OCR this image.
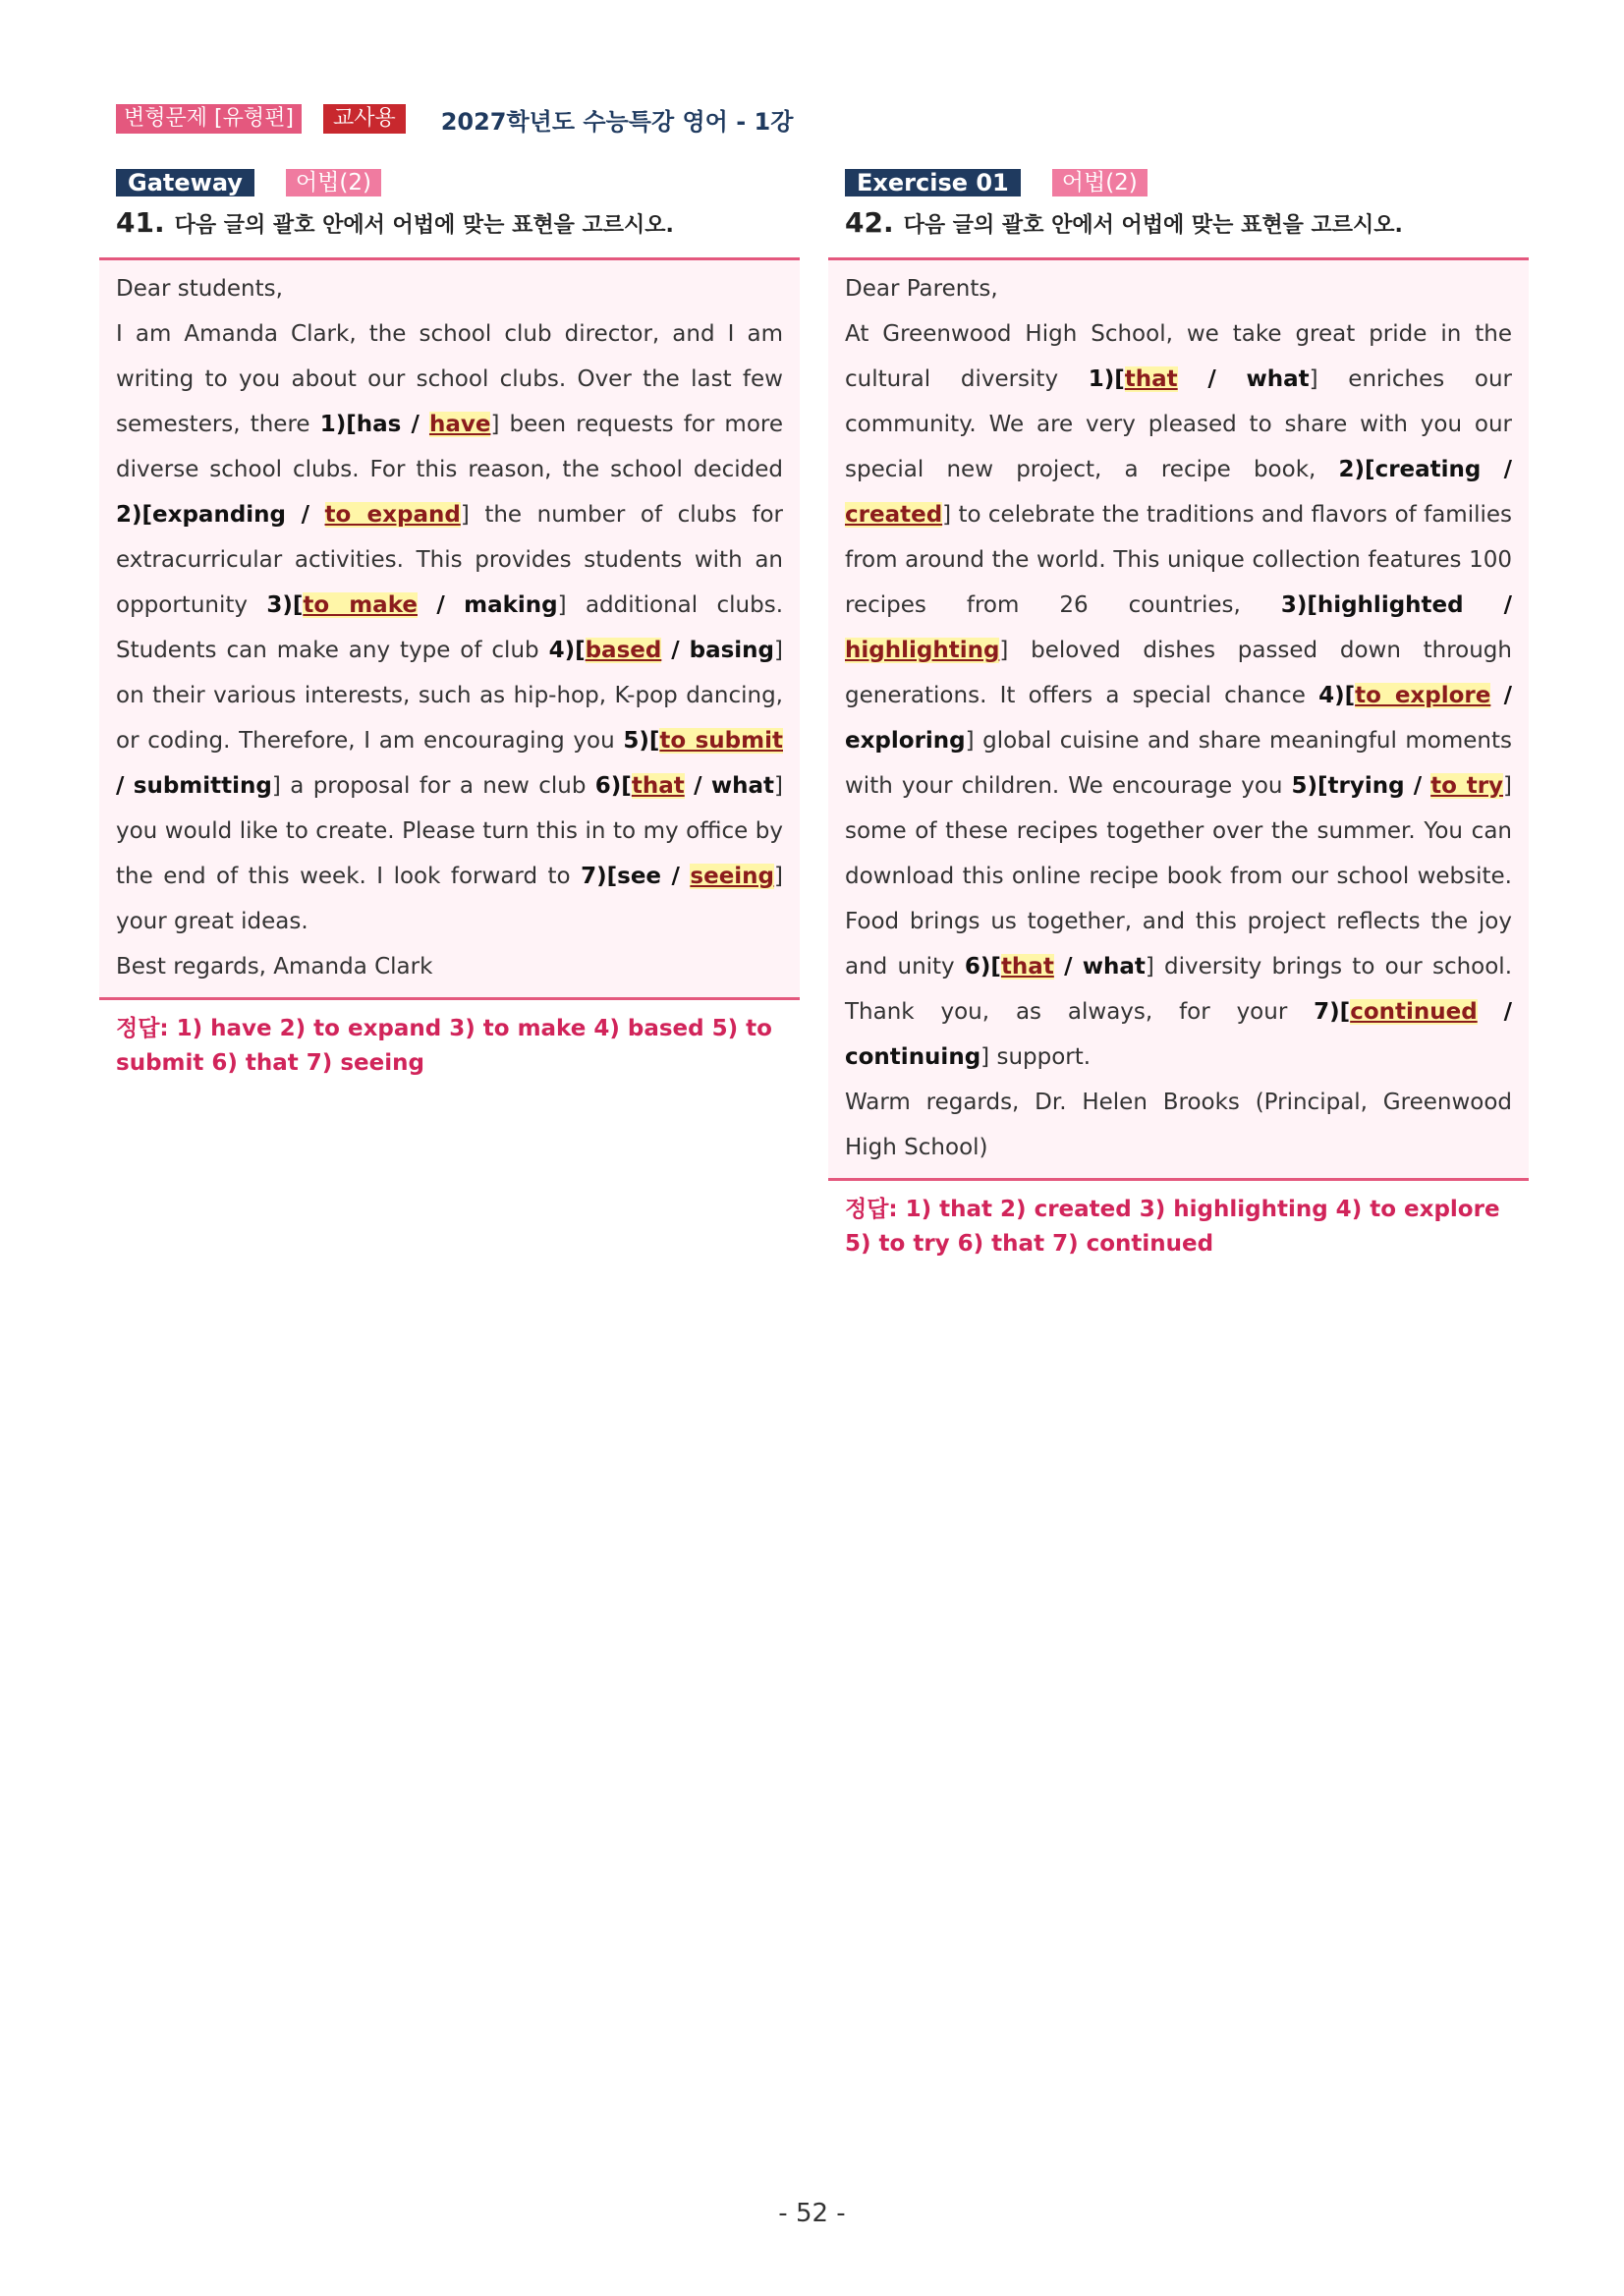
변형문제 [유형편]	교사용	2027학년도 수능특강 영어 - 1강
Gateway	어법(2)
41. 다음 글의 괄호 안에서 어법에 맞는 표현을 고르시오.

Dear students,

I am Amanda Clark, the school club director, and I am writing to you about our school clubs. Over the last few semesters, there 1)[has / have] been requests for more diverse school clubs. For this reason, the school decided 2)[expanding / to expand] the number of clubs for extracurricular activities. This provides students with an opportunity 3)[to make / making] additional clubs. Students can make any type of club 4)[based / basing] on their various interests, such as hip-hop, K-pop dancing, or coding. Therefore, I am encouraging you 5)[to submit / submitting] a proposal for a new club 6)[that / what] you would like to create. Please turn this in to my office by the end of this week. I look forward to 7)[see / seeing] your great ideas.

Best regards, Amanda Clark

정답: 1) have 2) to expand 3) to make 4) based 5) to submit 6) that 7) seeing
Exercise 01	어법(2)
42. 다음 글의 괄호 안에서 어법에 맞는 표현을 고르시오.

Dear Parents,

At Greenwood High School, we take great pride in the cultural diversity 1)[that / what] enriches our community. We are very pleased to share with you our special new project, a recipe book, 2)[creating / created] to celebrate the traditions and flavors of families from around the world. This unique collection features 100 recipes from 26 countries, 3)[highlighted / highlighting] beloved dishes passed down through generations. It offers a special chance 4)[to explore / exploring] global cuisine and share meaningful moments with your children. We encourage you 5)[trying / to try] some of these recipes together over the summer. You can download this online recipe book from our school website. Food brings us together, and this project reflects the joy and unity 6)[that / what] diversity brings to our school. Thank you, as always, for your 7)[continued / continuing] support.

Warm regards, Dr. Helen Brooks (Principal, Greenwood High School)

정답: 1) that 2) created 3) highlighting 4) to explore 5) to try 6) that 7) continued
- 52 -
